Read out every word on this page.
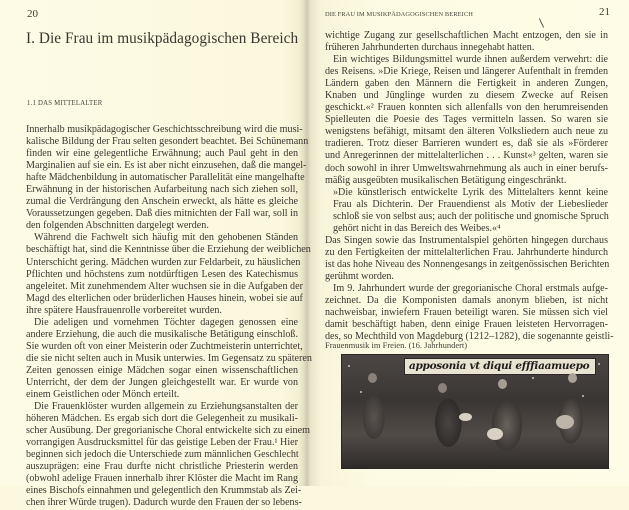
20
I. Die Frau im musikpädagogischen Bereich
1.1 DAS MITTELALTER
Innerhalb musikpädagogischer Geschichtsschreibung wird die musi-
kalische Bildung der Frau selten gesondert beachtet. Bei Schünemann
finden wir eine gelegentliche Erwähnung; auch Paul geht in den
Marginalien auf sie ein. Es ist aber nicht einzusehen, daß die mangel-
hafte Mädchenbildung in automatischer Parallelität eine mangelhafte
Erwähnung in der historischen Aufarbeitung nach sich ziehen soll,
zumal die Verdrängung den Anschein erweckt, als hätte es gleiche
Voraussetzungen gegeben. Daß dies mitnichten der Fall war, soll in
den folgenden Abschnitten dargelegt werden.
Während die Fachwelt sich häufig mit den gehobenen Ständen
beschäftigt hat, sind die Kenntnisse über die Erziehung der weiblichen
Unterschicht gering. Mädchen wurden zur Feldarbeit, zu häuslichen
Pflichten und höchstens zum notdürftigen Lesen des Katechismus
angeleitet. Mit zunehmendem Alter wuchsen sie in die Aufgaben der
Magd des elterlichen oder brüderlichen Hauses hinein, wobei sie auf
ihre spätere Hausfrauenrolle vorbereitet wurden.
Die adeligen und vornehmen Töchter dagegen genossen eine
andere Erziehung, die auch die musikalische Betätigung einschloß.
Sie wurden oft von einer Meisterin oder Zuchtmeisterin unterrichtet,
die sie nicht selten auch in Musik unterwies. Im Gegensatz zu späteren
Zeiten genossen einige Mädchen sogar einen wissenschaftlichen
Unterricht, der dem der Jungen gleichgestellt war. Er wurde von
einem Geistlichen oder Mönch erteilt.
Die Frauenklöster wurden allgemein zu Erziehungsanstalten der
höheren Mädchen. Es ergab sich dort die Gelegenheit zu musikali-
scher Ausübung. Der gregorianische Choral entwickelte sich zu einem
vorrangigen Ausdrucksmittel für das geistige Leben der Frau.¹ Hier
beginnen sich jedoch die Unterschiede zum männlichen Geschlecht
auszuprägen: eine Frau durfte nicht christliche Priesterin werden
(obwohl adelige Frauen innerhalb ihrer Klöster die Macht im Rang
eines Bischofs einnahmen und gelegentlich den Krummstab als Zei-
chen ihrer Würde trugen). Dadurch wurde den Frauen der so lebens-
DIE FRAU IM MUSIKPÄDAGOGISCHEN BEREICH	21
wichtige Zugang zur gesellschaftlichen Macht entzogen, den sie in
früheren Jahrhunderten durchaus innegehabt hatten.
Ein wichtiges Bildungsmittel wurde ihnen außerdem verwehrt: die
des Reisens. »Die Kriege, Reisen und längerer Aufenthalt in fremden
Ländern gaben den Männern die Fertigkeit in anderen Zungen,
Knaben und Jünglinge wurden zu diesem Zwecke auf Reisen
geschickt.«² Frauen konnten sich allenfalls von den herumreisenden
Spielleuten die Poesie des Tages vermitteln lassen. So waren sie
wenigstens befähigt, mitsamt den älteren Volksliedern auch neue zu
tradieren. Trotz dieser Barrieren wundert es, daß sie als »Förderer
und Anregerinnen der mittelalterlichen . . . Kunst«³ gelten, waren sie
doch sowohl in ihrer Umweltswahrnehmung als auch in einer berufs-
mäßig ausgeübten musikalischen Betätigung eingeschränkt.
»Die künstlerisch entwickelte Lyrik des Mittelalters kennt keine
Frau als Dichterin. Der Frauendienst als Motiv der Liebeslieder
schloß sie von selbst aus; auch der politische und gnomische Spruch
gehört nicht in das Bereich des Weibes.«⁴
Das Singen sowie das Instrumentalspiel gehörten hingegen durchaus
zu den Fertigkeiten der mittelalterlichen Frau. Jahrhunderte hindurch
ist das hohe Niveau des Nonnengesangs in zeitgenössischen Berichten
gerühmt worden.
Im 9. Jahrhundert wurde der gregorianische Choral erstmals aufge-
zeichnet. Da die Komponisten damals anonym blieben, ist nicht
nachweisbar, inwiefern Frauen beteiligt waren. Sie müssen sich viel
damit beschäftigt haben, denn einige Frauen leisteten Hervorragen-
des, so Mechthild von Magdeburg (1212–1282), die sogenannte geistli-
Frauenmusik im Freien. (16. Jahrhundert)
apposonia vt diqui efffiaamuepo
